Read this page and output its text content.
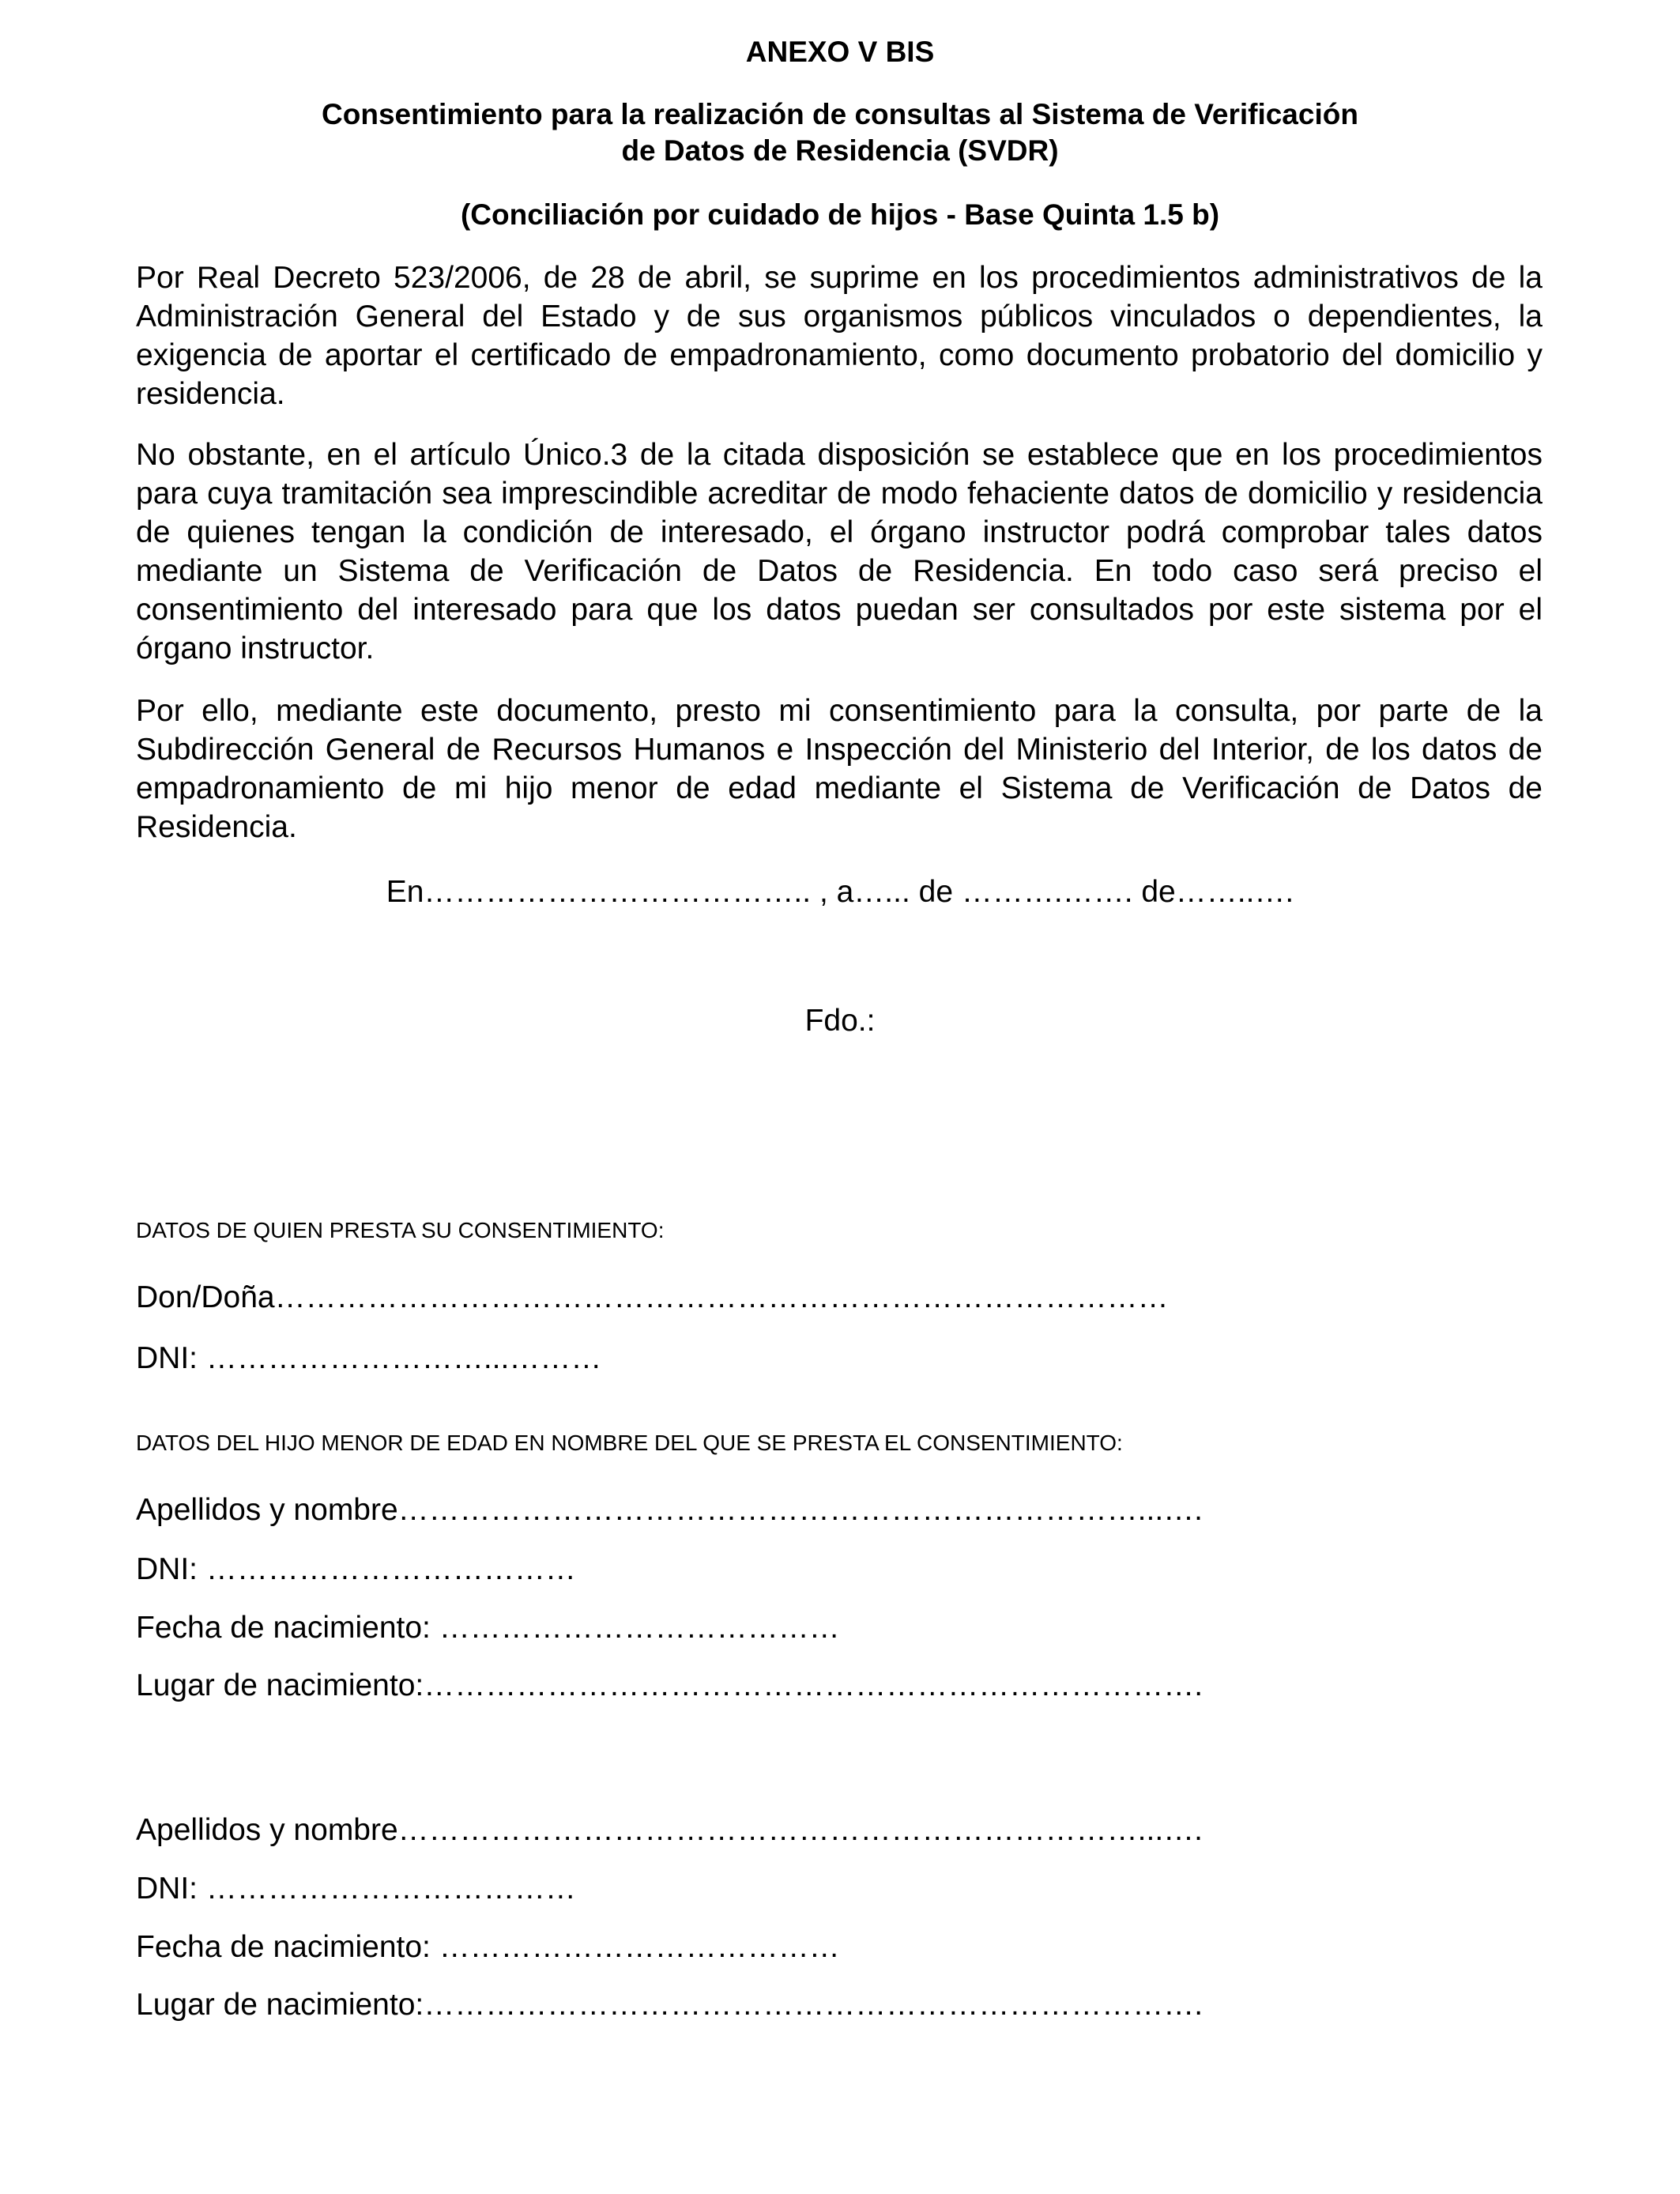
ANEXO V BIS
Consentimiento para la realización de consultas al Sistema de Verificación
de Datos de Residencia (SVDR)
(Conciliación por cuidado de hijos - Base Quinta 1.5 b)

Por Real Decreto 523/2006, de 28 de abril, se suprime en los procedimientos administrativos de la Administración General del Estado y de sus organismos públicos vinculados o dependientes, la exigencia de aportar el certificado de empadronamiento, como documento probatorio del domicilio y residencia.

No obstante, en el artículo Único.3 de la citada disposición se establece que en los procedimientos para cuya tramitación sea imprescindible acreditar de modo fehaciente datos de domicilio y residencia de quienes tengan la condición de interesado, el órgano instructor podrá comprobar tales datos mediante un Sistema de Verificación de Datos de Residencia. En todo caso será preciso el consentimiento del interesado para que los datos puedan ser consultados por este sistema por el órgano instructor.

Por ello, mediante este documento, presto mi consentimiento para la consulta, por parte de la Subdirección General de Recursos Humanos e Inspección del Ministerio del Interior, de los datos de empadronamiento de mi hijo menor de edad mediante el Sistema de Verificación de Datos de Residencia.

En……………………………….. , a…... de ……….……. de……..….
Fdo.:
DATOS DE QUIEN PRESTA SU CONSENTIMIENTO:
Don/Doña……………………………………………………………………………
DNI: ………………………...………
DATOS DEL HIJO MENOR DE EDAD EN NOMBRE DEL QUE SE PRESTA EL CONSENTIMIENTO:
Apellidos y nombre………………………………………………………………...….
DNI: ………………………………
Fecha de nacimiento: …………………………………
Lugar de nacimiento:………………………………………………………………….
Apellidos y nombre………………………………………………………………...….
DNI: ………………………………
Fecha de nacimiento: …………………………………
Lugar de nacimiento:………………………………………………………………….
